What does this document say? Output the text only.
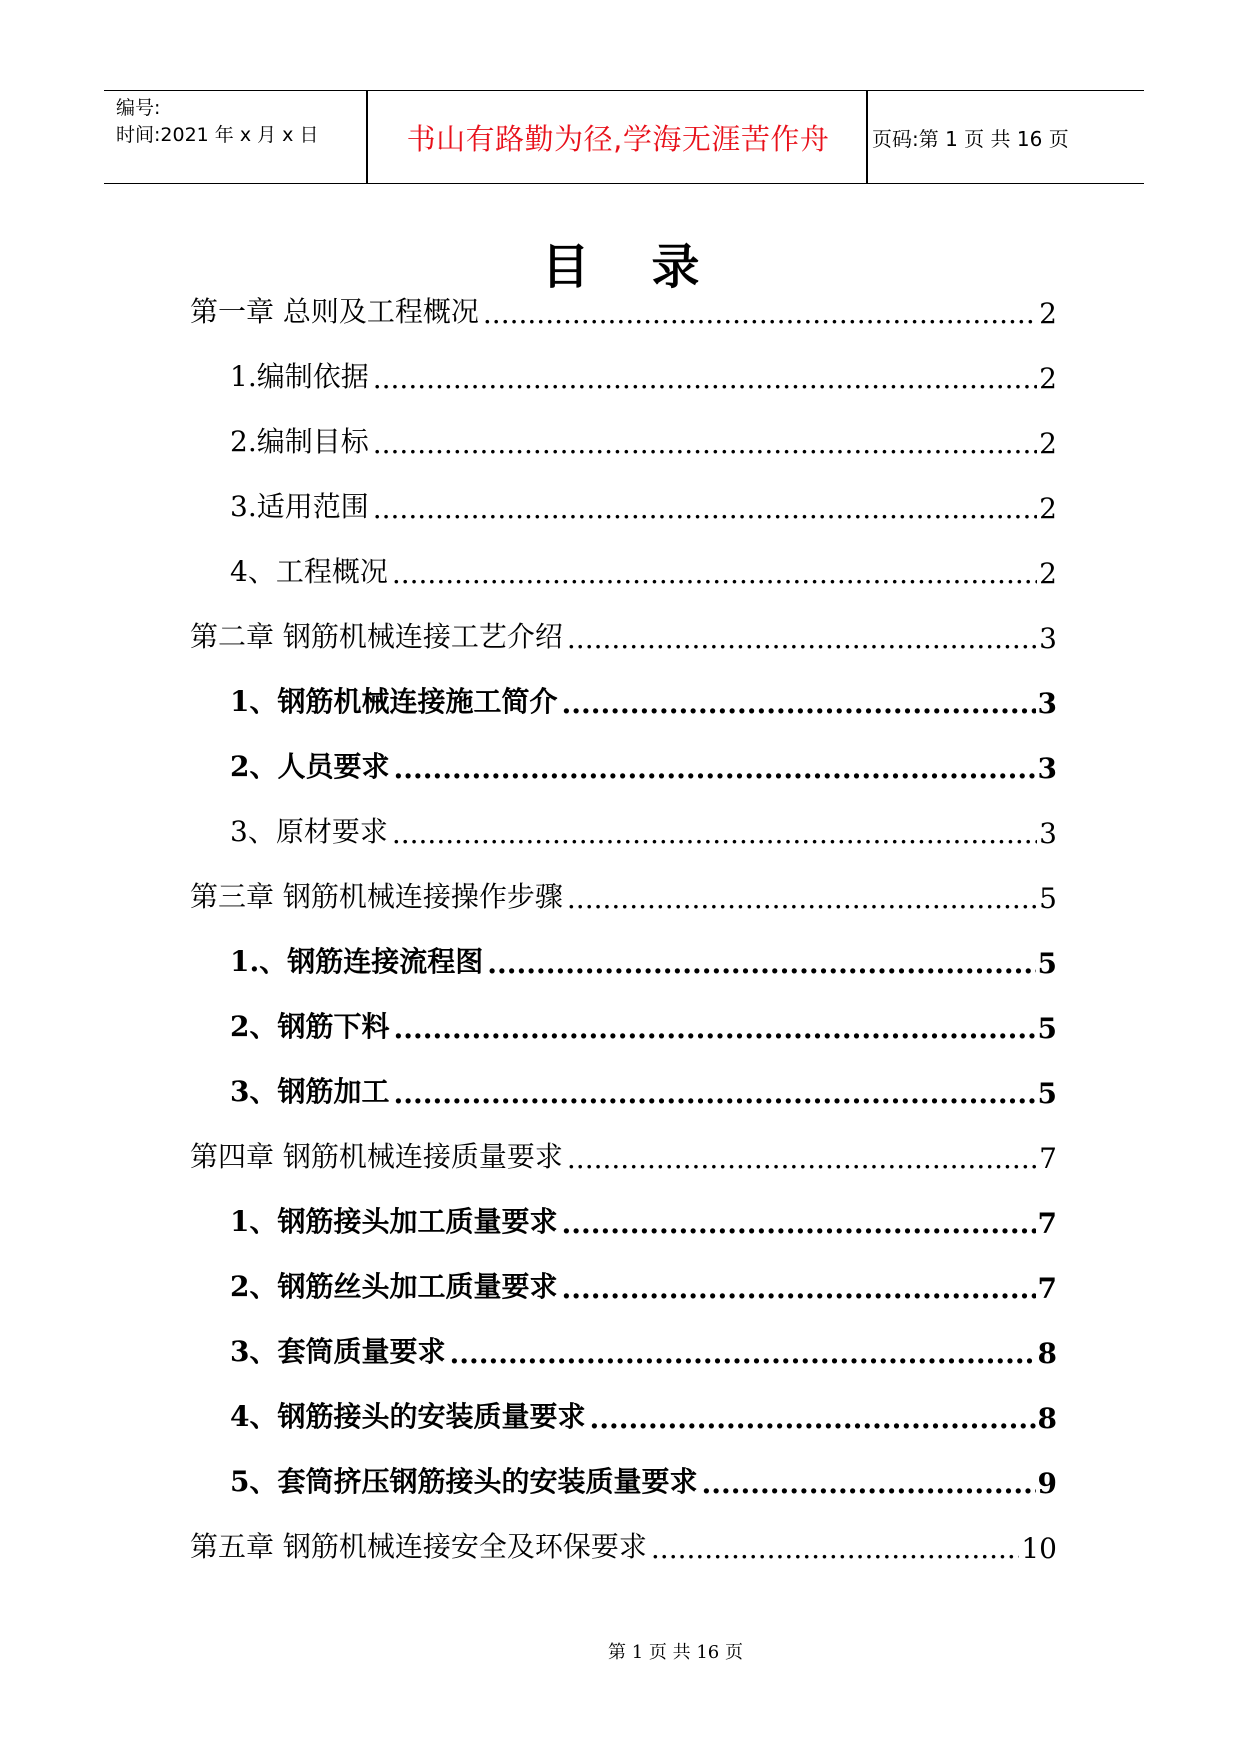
编号:
时间:2021 年 x 月 x 日	书山有路勤为径,学海无涯苦作舟	页码:第 1 页 共 16 页
目录
第一章 总则及工程概况 .....	2
1.编制依据 .....	2
2.编制目标 .....	2
3.适用范围 .....	2
4、工程概况 .....	2
第二章 钢筋机械连接工艺介绍 .....	3
1、钢筋机械连接施工简介 .....	3
2、人员要求 .....	3
3、原材要求 .....	3
第三章 钢筋机械连接操作步骤 .....	5
1.、钢筋连接流程图 .....	5
2、钢筋下料 .....	5
3、钢筋加工 .....	5
第四章 钢筋机械连接质量要求 .....	7
1、钢筋接头加工质量要求 .....	7
2、钢筋丝头加工质量要求 .....	7
3、套筒质量要求 .....	8
4、钢筋接头的安装质量要求 .....	8
5、套筒挤压钢筋接头的安装质量要求 .....	9
第五章 钢筋机械连接安全及环保要求 .....	10
第 1 页 共 16 页
